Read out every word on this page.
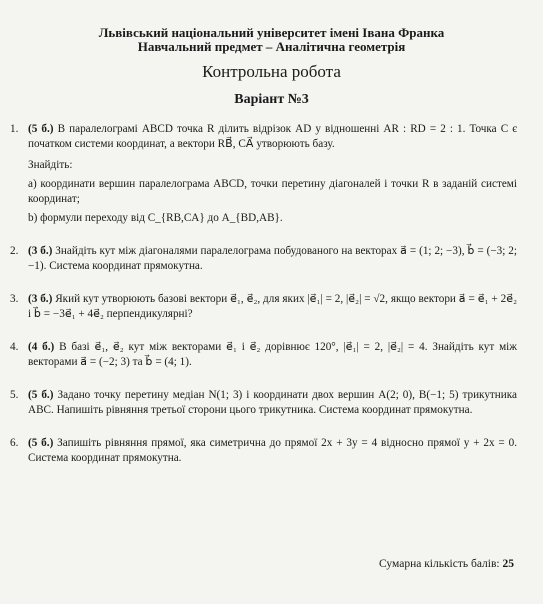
Львівський національний університет імені Івана Франка
Навчальний предмет – Аналітична геометрія
Контрольна робота
Варіант №3
1. (5 б.) В паралелограмі ABCD точка R ділить відрізок AD у відношенні AR : RD = 2 : 1. Точка C є початком системи координат, а вектори RB⃗, CA⃗ утворюють базу.
Знайдіть:
a) координати вершин паралелограма ABCD, точки перетину діагоналей і точки R в заданій системі координат;
b) формули переходу від C_{RB,CA} до A_{BD,AB}.
2. (3 б.) Знайдіть кут між діагоналями паралелограма побудованого на векторах a⃗ = (1; 2; −3), b⃗ = (−3; 2; −1). Система координат прямокутна.
3. (3 б.) Який кут утворюють базові вектори e⃗₁, e⃗₂, для яких |e⃗₁| = 2, |e⃗₂| = √2, якщо вектори a⃗ = e⃗₁ + 2e⃗₂ і b⃗ = −3e⃗₁ + 4e⃗₂ перпендикулярні?
4. (4 б.) В базі e⃗₁, e⃗₂ кут між векторами e⃗₁ і e⃗₂ дорівнює 120°, |e⃗₁| = 2, |e⃗₂| = 4. Знайдіть кут між векторами a⃗ = (−2; 3) та b⃗ = (4; 1).
5. (5 б.) Задано точку перетину медіан N(1; 3) і координати двох вершин A(2; 0), B(−1; 5) трикутника ABC. Напишіть рівняння третьої сторони цього трикутника. Система координат прямокутна.
6. (5 б.) Запишіть рівняння прямої, яка симетрична до прямої 2x + 3y = 4 відносно прямої y + 2x = 0. Система координат прямокутна.
Сумарна кількість балів: 25
